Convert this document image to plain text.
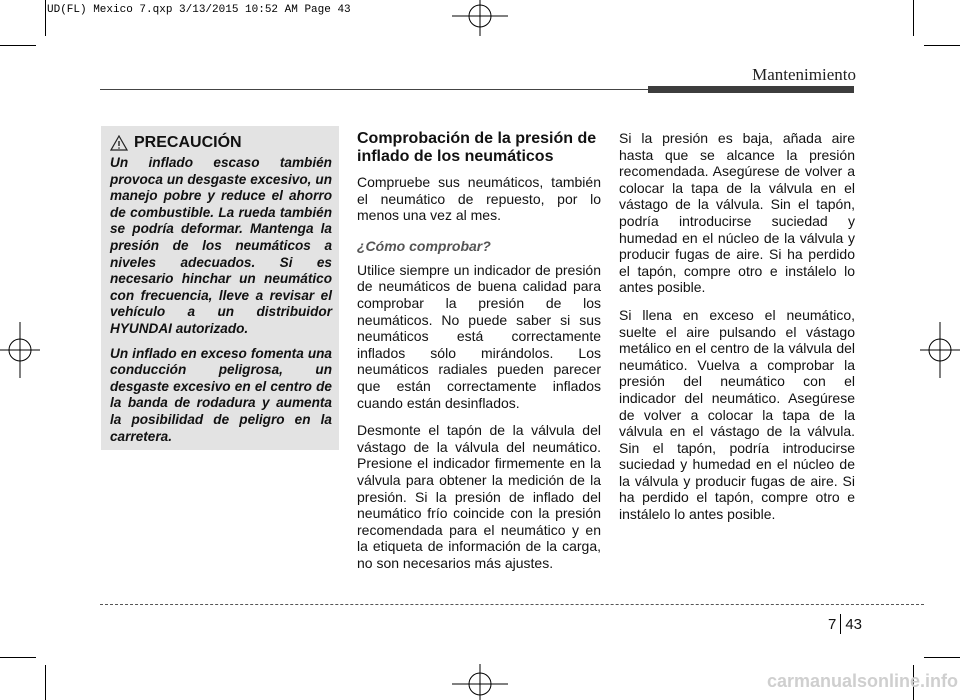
UD(FL) Mexico 7.qxp 3/13/2015 10:52 AM Page 43
Mantenimiento
PRECAUCIÓN

Un inflado escaso también provoca un desgaste excesivo, un manejo pobre y reduce el ahorro de combustible. La rueda también se podría deformar. Mantenga la presión de los neumáticos a niveles adecuados. Si es necesario hinchar un neumático con frecuencia, lleve a revisar el vehículo a un distribuidor HYUNDAI autorizado.

Un inflado en exceso fomenta una conducción peligrosa, un desgaste excesivo en el centro de la banda de rodadura y aumenta la posibilidad de peligro en la carretera.

Comprobación de la presión de inflado de los neumáticos

Compruebe sus neumáticos, también el neumático de repuesto, por lo menos una vez al mes.

¿Cómo comprobar?

Utilice siempre un indicador de presión de neumáticos de buena calidad para comprobar la presión de los neumáticos. No puede saber si sus neumáticos está correctamente inflados sólo mirándolos. Los neumáticos radiales pueden parecer que están correctamente inflados cuando están desinflados.

Desmonte el tapón de la válvula del vástago de la válvula del neumático. Presione el indicador firmemente en la válvula para obtener la medición de la presión. Si la presión de inflado del neumático frío coincide con la presión recomendada para el neumático y en la etiqueta de información de la carga, no son necesarios más ajustes.

Si la presión es baja, añada aire hasta que se alcance la presión recomendada. Asegúrese de volver a colocar la tapa de la válvula en el vástago de la válvula. Sin el tapón, podría introducirse suciedad y humedad en el núcleo de la válvula y producir fugas de aire. Si ha perdido el tapón, compre otro e instálelo lo antes posible.

Si llena en exceso el neumático, suelte el aire pulsando el vástago metálico en el centro de la válvula del neumático. Vuelva a comprobar la presión del neumático con el indicador del neumático. Asegúrese de volver a colocar la tapa de la válvula en el vástago de la válvula. Sin el tapón, podría introducirse suciedad y humedad en el núcleo de la válvula y producir fugas de aire. Si ha perdido el tapón, compre otro e instálelo lo antes posible.

7 43
carmanualsonline.info
